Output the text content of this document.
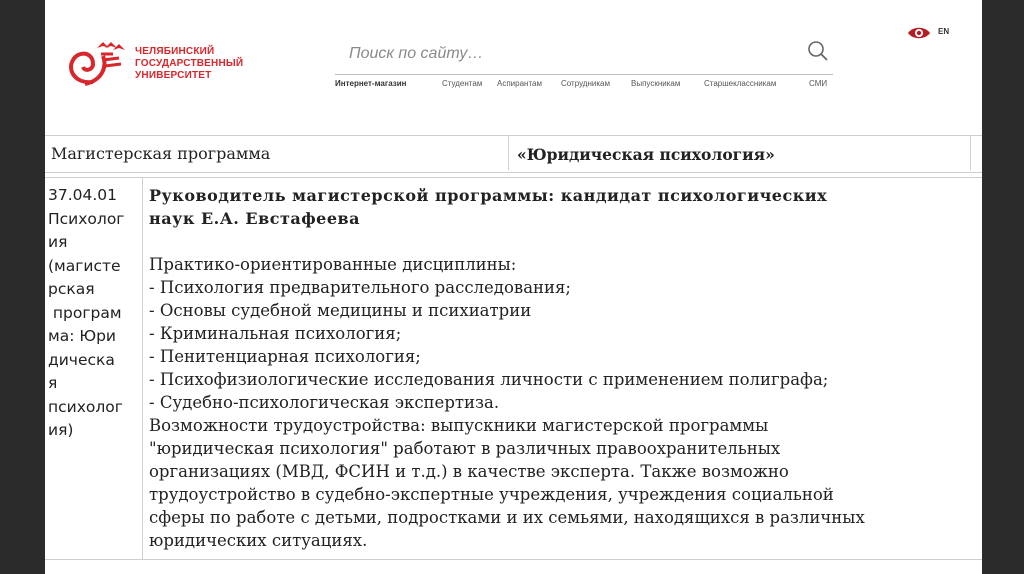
ЧЕЛЯБИНСКИЙ
ГОСУДАРСТВЕННЫЙ
УНИВЕРСИТЕТ
Поиск по сайту…
Интернет-магазин	Студентам Аспирантам Сотрудникам	Выпускникам	Старшеклассникам	СМИ
EN
Магистерская программа	«Юридическая психология»
37.04.01
Психолог
ия
(магисте
рская
програм
ма: Юри
дическа
я
психолог
ия)
Руководитель магистерской программы: кандидат психологических
наук Е.А. Евстафеева
Практико-ориентированные дисциплины:
- Психология предварительного расследования;
- Основы судебной медицины и психиатрии
- Криминальная психология;
- Пенитенциарная психология;
- Психофизиологические исследования личности с применением полиграфа;
- Судебно-психологическая экспертиза.
Возможности трудоустройства: выпускники магистерской программы
"юридическая психология" работают в различных правоохранительных
организациях (МВД, ФСИН и т.д.) в качестве эксперта. Также возможно
трудоустройство в судебно-экспертные учреждения, учреждения социальной
сферы по работе с детьми, подростками и их семьями, находящихся в различных
юридических ситуациях.
